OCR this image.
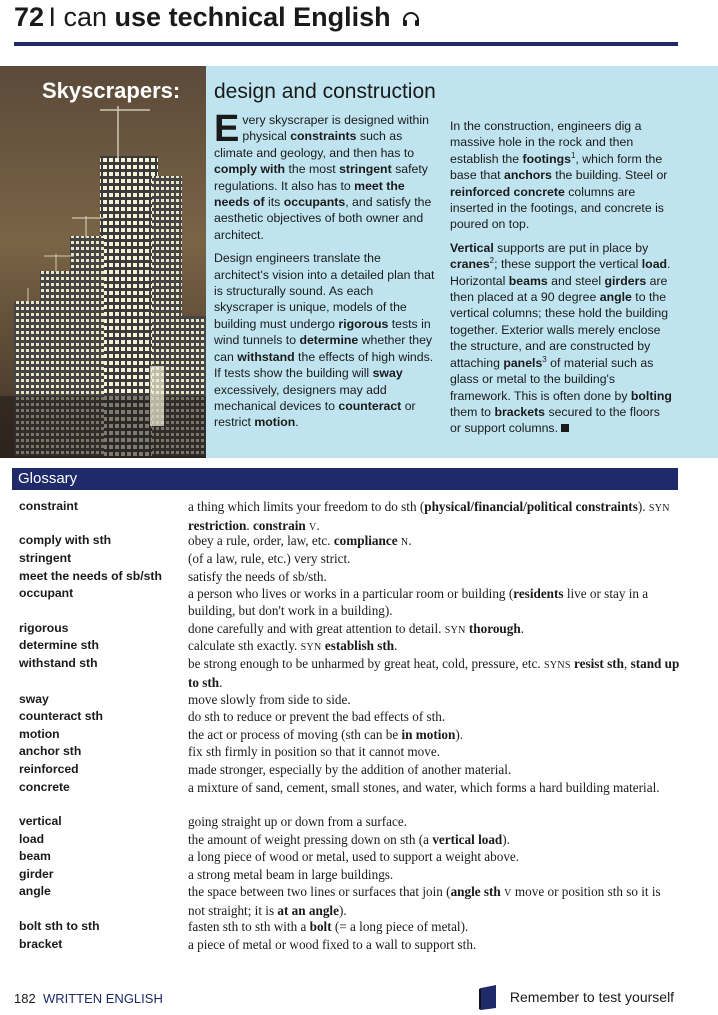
72 I can use technical English
Skyscrapers: design and construction

Every skyscraper is designed within physical constraints such as climate and geology, and then has to comply with the most stringent safety regulations. It also has to meet the needs of its occupants, and satisfy the aesthetic objectives of both owner and architect.

Design engineers translate the architect's vision into a detailed plan that is structurally sound. As each skyscraper is unique, models of the building must undergo rigorous tests in wind tunnels to determine whether they can withstand the effects of high winds. If tests show the building will sway excessively, designers may add mechanical devices to counteract or restrict motion.

In the construction, engineers dig a massive hole in the rock and then establish the footings$^1$, which form the base that anchors the building. Steel or reinforced concrete columns are inserted in the footings, and concrete is poured on top.

Vertical supports are put in place by cranes$^2$; these support the vertical load. Horizontal beams and steel girders are then placed at a 90 degree angle to the vertical columns; these hold the building together. Exterior walls merely enclose the structure, and are constructed by attaching panels$^3$ of material such as glass or metal to the building's framework. This is often done by bolting them to brackets secured to the floors or support columns.

Glossary
constraint	a thing which limits your freedom to do sth (physical/financial/political constraints). SYN restriction. constrain V.
comply with sth	obey a rule, order, law, etc. compliance N.
stringent	(of a law, rule, etc.) very strict.
meet the needs of sb/sth	satisfy the needs of sb/sth.
occupant	a person who lives or works in a particular room or building (residents live or stay in a building, but don't work in a building).
rigorous	done carefully and with great attention to detail. SYN thorough.
determine sth	calculate sth exactly. SYN establish sth.
withstand sth	be strong enough to be unharmed by great heat, cold, pressure, etc. SYNS resist sth, stand up to sth.
sway	move slowly from side to side.
counteract sth	do sth to reduce or prevent the bad effects of sth.
motion	the act or process of moving (sth can be in motion).
anchor sth	fix sth firmly in position so that it cannot move.
reinforced	made stronger, especially by the addition of another material.
concrete	a mixture of sand, cement, small stones, and water, which forms a hard building material.
vertical	going straight up or down from a surface.
load	the amount of weight pressing down on sth (a vertical load).
beam	a long piece of wood or metal, used to support a weight above.
girder	a strong metal beam in large buildings.
angle	the space between two lines or surfaces that join (angle sth V move or position sth so it is not straight; it is at an angle).
bolt sth to sth	fasten sth to sth with a bolt (= a long piece of metal).
bracket	a piece of metal or wood fixed to a wall to support sth.
182 WRITTEN ENGLISH	Remember to test yourself
